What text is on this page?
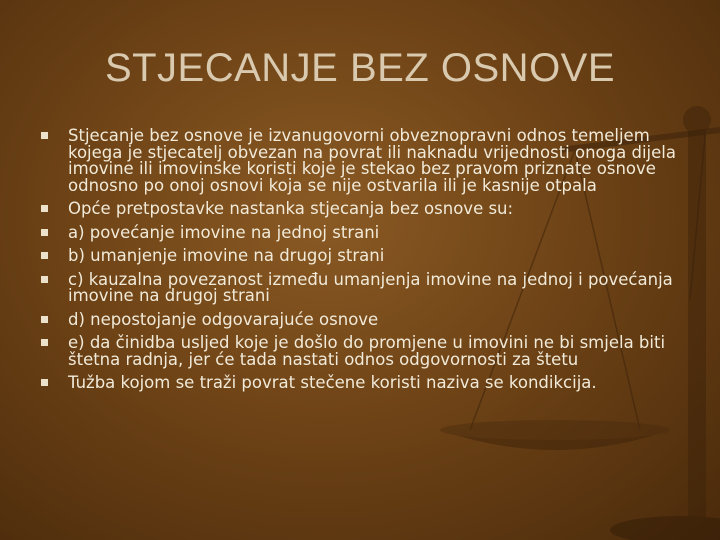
STJECANJE BEZ OSNOVE
Stjecanje bez osnove je izvanugovorni obveznopravni odnos temeljem kojega je stjecatelj obvezan na povrat ili naknadu vrijednosti onoga dijela imovine ili imovinske koristi koje je stekao bez pravom priznate osnove odnosno po onoj osnovi koja se nije ostvarila ili je kasnije otpala
Opće pretpostavke nastanka stjecanja bez osnove su:
a) povećanje imovine na jednoj strani
b) umanjenje imovine na drugoj strani
c) kauzalna povezanost između umanjenja imovine na jednoj i povećanja imovine na drugoj strani
d) nepostojanje odgovarajuće osnove
e) da činidba usljed koje je došlo do promjene u imovini ne bi smjela biti štetna radnja, jer će tada nastati odnos odgovornosti za štetu
Tužba kojom se traži povrat stečene koristi naziva se kondikcija.
